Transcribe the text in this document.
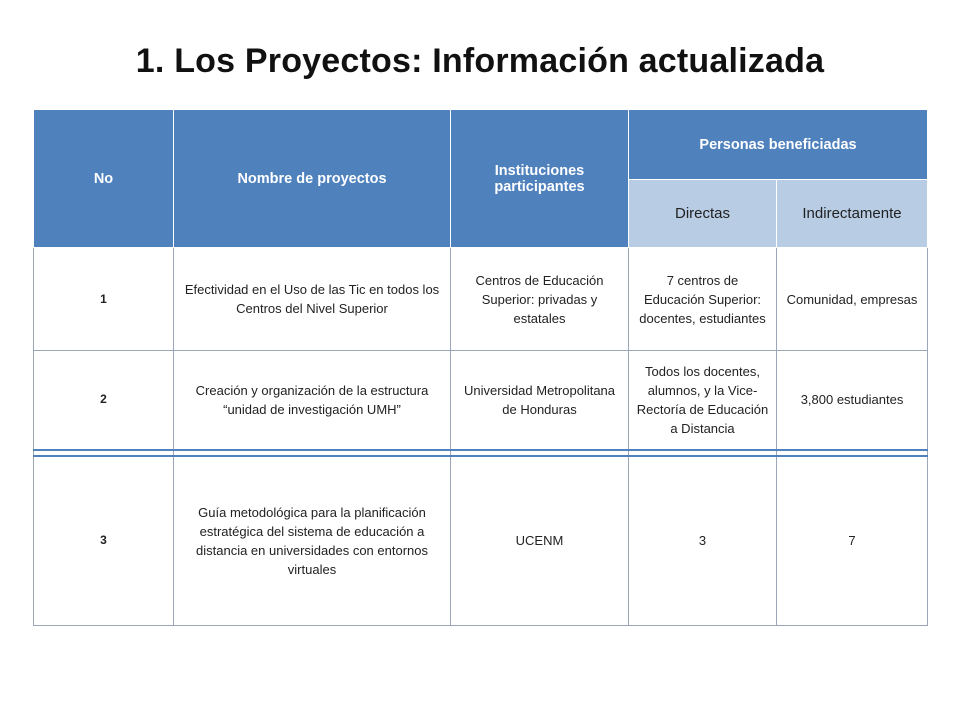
1. Los Proyectos: Información actualizada
No	Nombre de proyectos	Instituciones participantes	Personas beneficiadas	
			Directas	Indirectamente
1	Efectividad en el Uso de las Tic en todos los Centros del Nivel Superior	Centros de Educación Superior: privadas y estatales	7 centros de Educación Superior: docentes, estudiantes	Comunidad, empresas
2	Creación y organización de la estructura “unidad de investigación UMH”	Universidad Metropolitana de Honduras	Todos los docentes, alumnos, y la Vice-Rectoría de Educación a Distancia	3,800 estudiantes

3	Guía metodológica para la planificación estratégica del sistema de educación a distancia en universidades con entornos virtuales	UCENM	3	7
